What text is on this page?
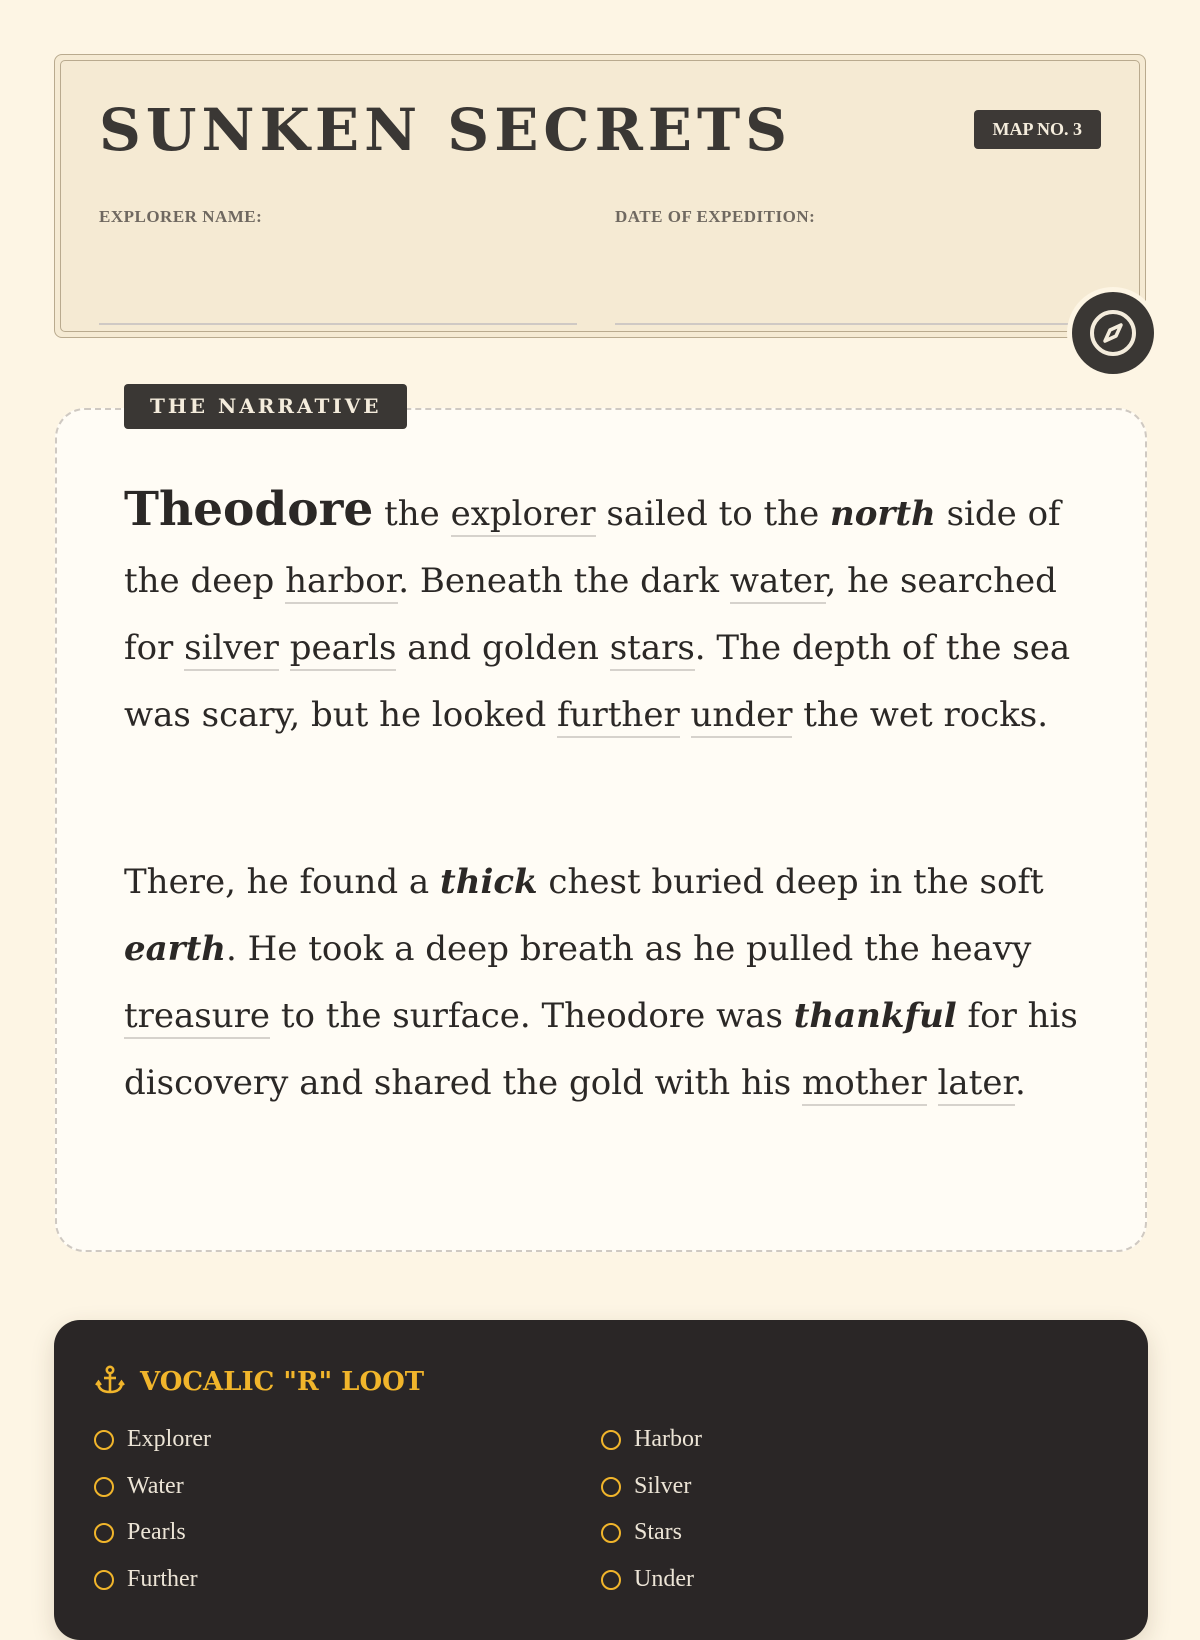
SUNKEN SECRETS	MAP NO. 3
EXPLORER NAME:	DATE OF EXPEDITION:
THE NARRATIVE

Theodore the explorer sailed to the north side of the deep harbor. Beneath the dark water, he searched for silver pearls and golden stars. The depth of the sea was scary, but he looked further under the wet rocks.

There, he found a thick chest buried deep in the soft earth. He took a deep breath as he pulled the heavy treasure to the surface. Theodore was thankful for his discovery and shared the gold with his mother later.

VOCALIC "R" LOOT
Explorer	Harbor
Water	Silver
Pearls	Stars
Further	Under
